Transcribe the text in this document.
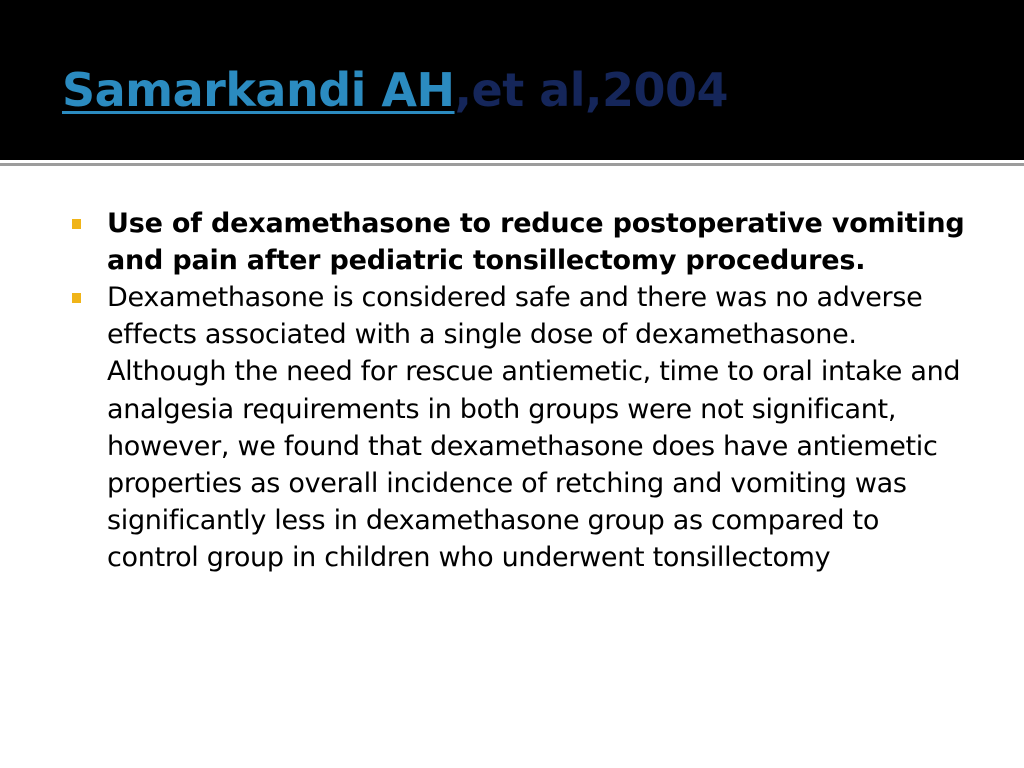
Samarkandi AH,et al,2004
Use of dexamethasone to reduce postoperative vomiting and pain after pediatric tonsillectomy procedures.
Dexamethasone is considered safe and there was no adverse effects associated with a single dose of dexamethasone. Although the need for rescue antiemetic, time to oral intake and analgesia requirements in both groups were not significant, however, we found that dexamethasone does have antiemetic properties as overall incidence of retching and vomiting was significantly less in dexamethasone group as compared to control group in children who underwent tonsillectomy
